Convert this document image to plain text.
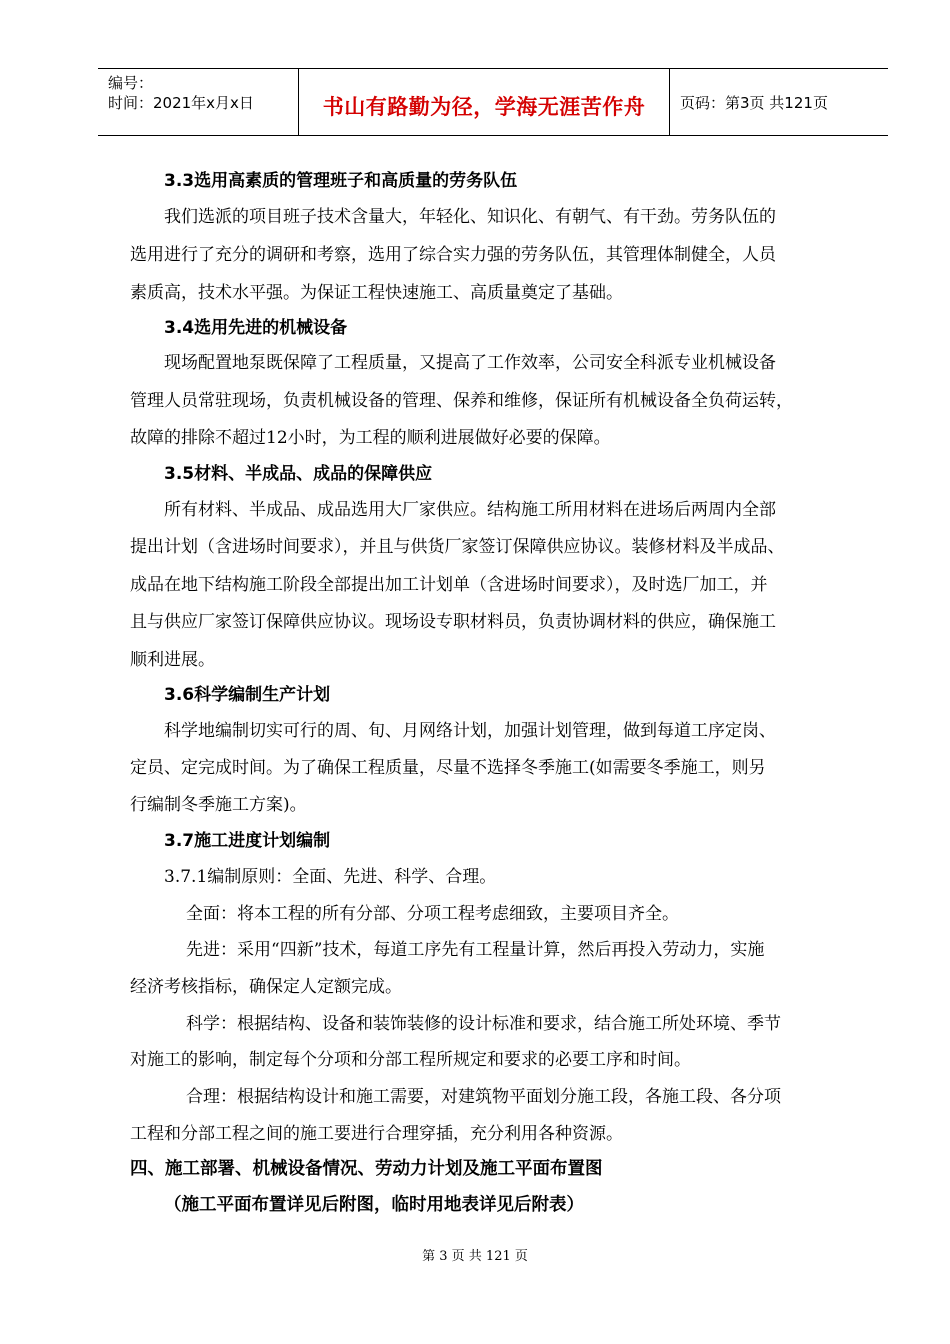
编号：
时间：2021年x月x日	书山有路勤为径，学海无涯苦作舟	页码：第3页 共121页
3.3选用高素质的管理班子和高质量的劳务队伍
我们选派的项目班子技术含量大，年轻化、知识化、有朝气、有干劲。劳务队伍的
选用进行了充分的调研和考察，选用了综合实力强的劳务队伍，其管理体制健全，人员
素质高，技术水平强。为保证工程快速施工、高质量奠定了基础。
3.4选用先进的机械设备
现场配置地泵既保障了工程质量，又提高了工作效率，公司安全科派专业机械设备
管理人员常驻现场，负责机械设备的管理、保养和维修，保证所有机械设备全负荷运转，
故障的排除不超过12小时，为工程的顺利进展做好必要的保障。
3.5材料、半成品、成品的保障供应
所有材料、半成品、成品选用大厂家供应。结构施工所用材料在进场后两周内全部
提出计划（含进场时间要求），并且与供货厂家签订保障供应协议。装修材料及半成品、
成品在地下结构施工阶段全部提出加工计划单（含进场时间要求），及时选厂加工，并
且与供应厂家签订保障供应协议。现场设专职材料员，负责协调材料的供应，确保施工
顺利进展。
3.6科学编制生产计划
科学地编制切实可行的周、旬、月网络计划，加强计划管理，做到每道工序定岗、
定员、定完成时间。为了确保工程质量，尽量不选择冬季施工(如需要冬季施工，则另
行编制冬季施工方案)。
3.7施工进度计划编制
3.7.1编制原则：全面、先进、科学、合理。
全面：将本工程的所有分部、分项工程考虑细致，主要项目齐全。
先进：采用“四新”技术，每道工序先有工程量计算，然后再投入劳动力，实施
经济考核指标，确保定人定额完成。
科学：根据结构、设备和装饰装修的设计标准和要求，结合施工所处环境、季节
对施工的影响，制定每个分项和分部工程所规定和要求的必要工序和时间。
合理：根据结构设计和施工需要，对建筑物平面划分施工段，各施工段、各分项
工程和分部工程之间的施工要进行合理穿插，充分利用各种资源。
四、施工部署、机械设备情况、劳动力计划及施工平面布置图
（施工平面布置详见后附图，临时用地表详见后附表）
第 3 页 共 121 页
